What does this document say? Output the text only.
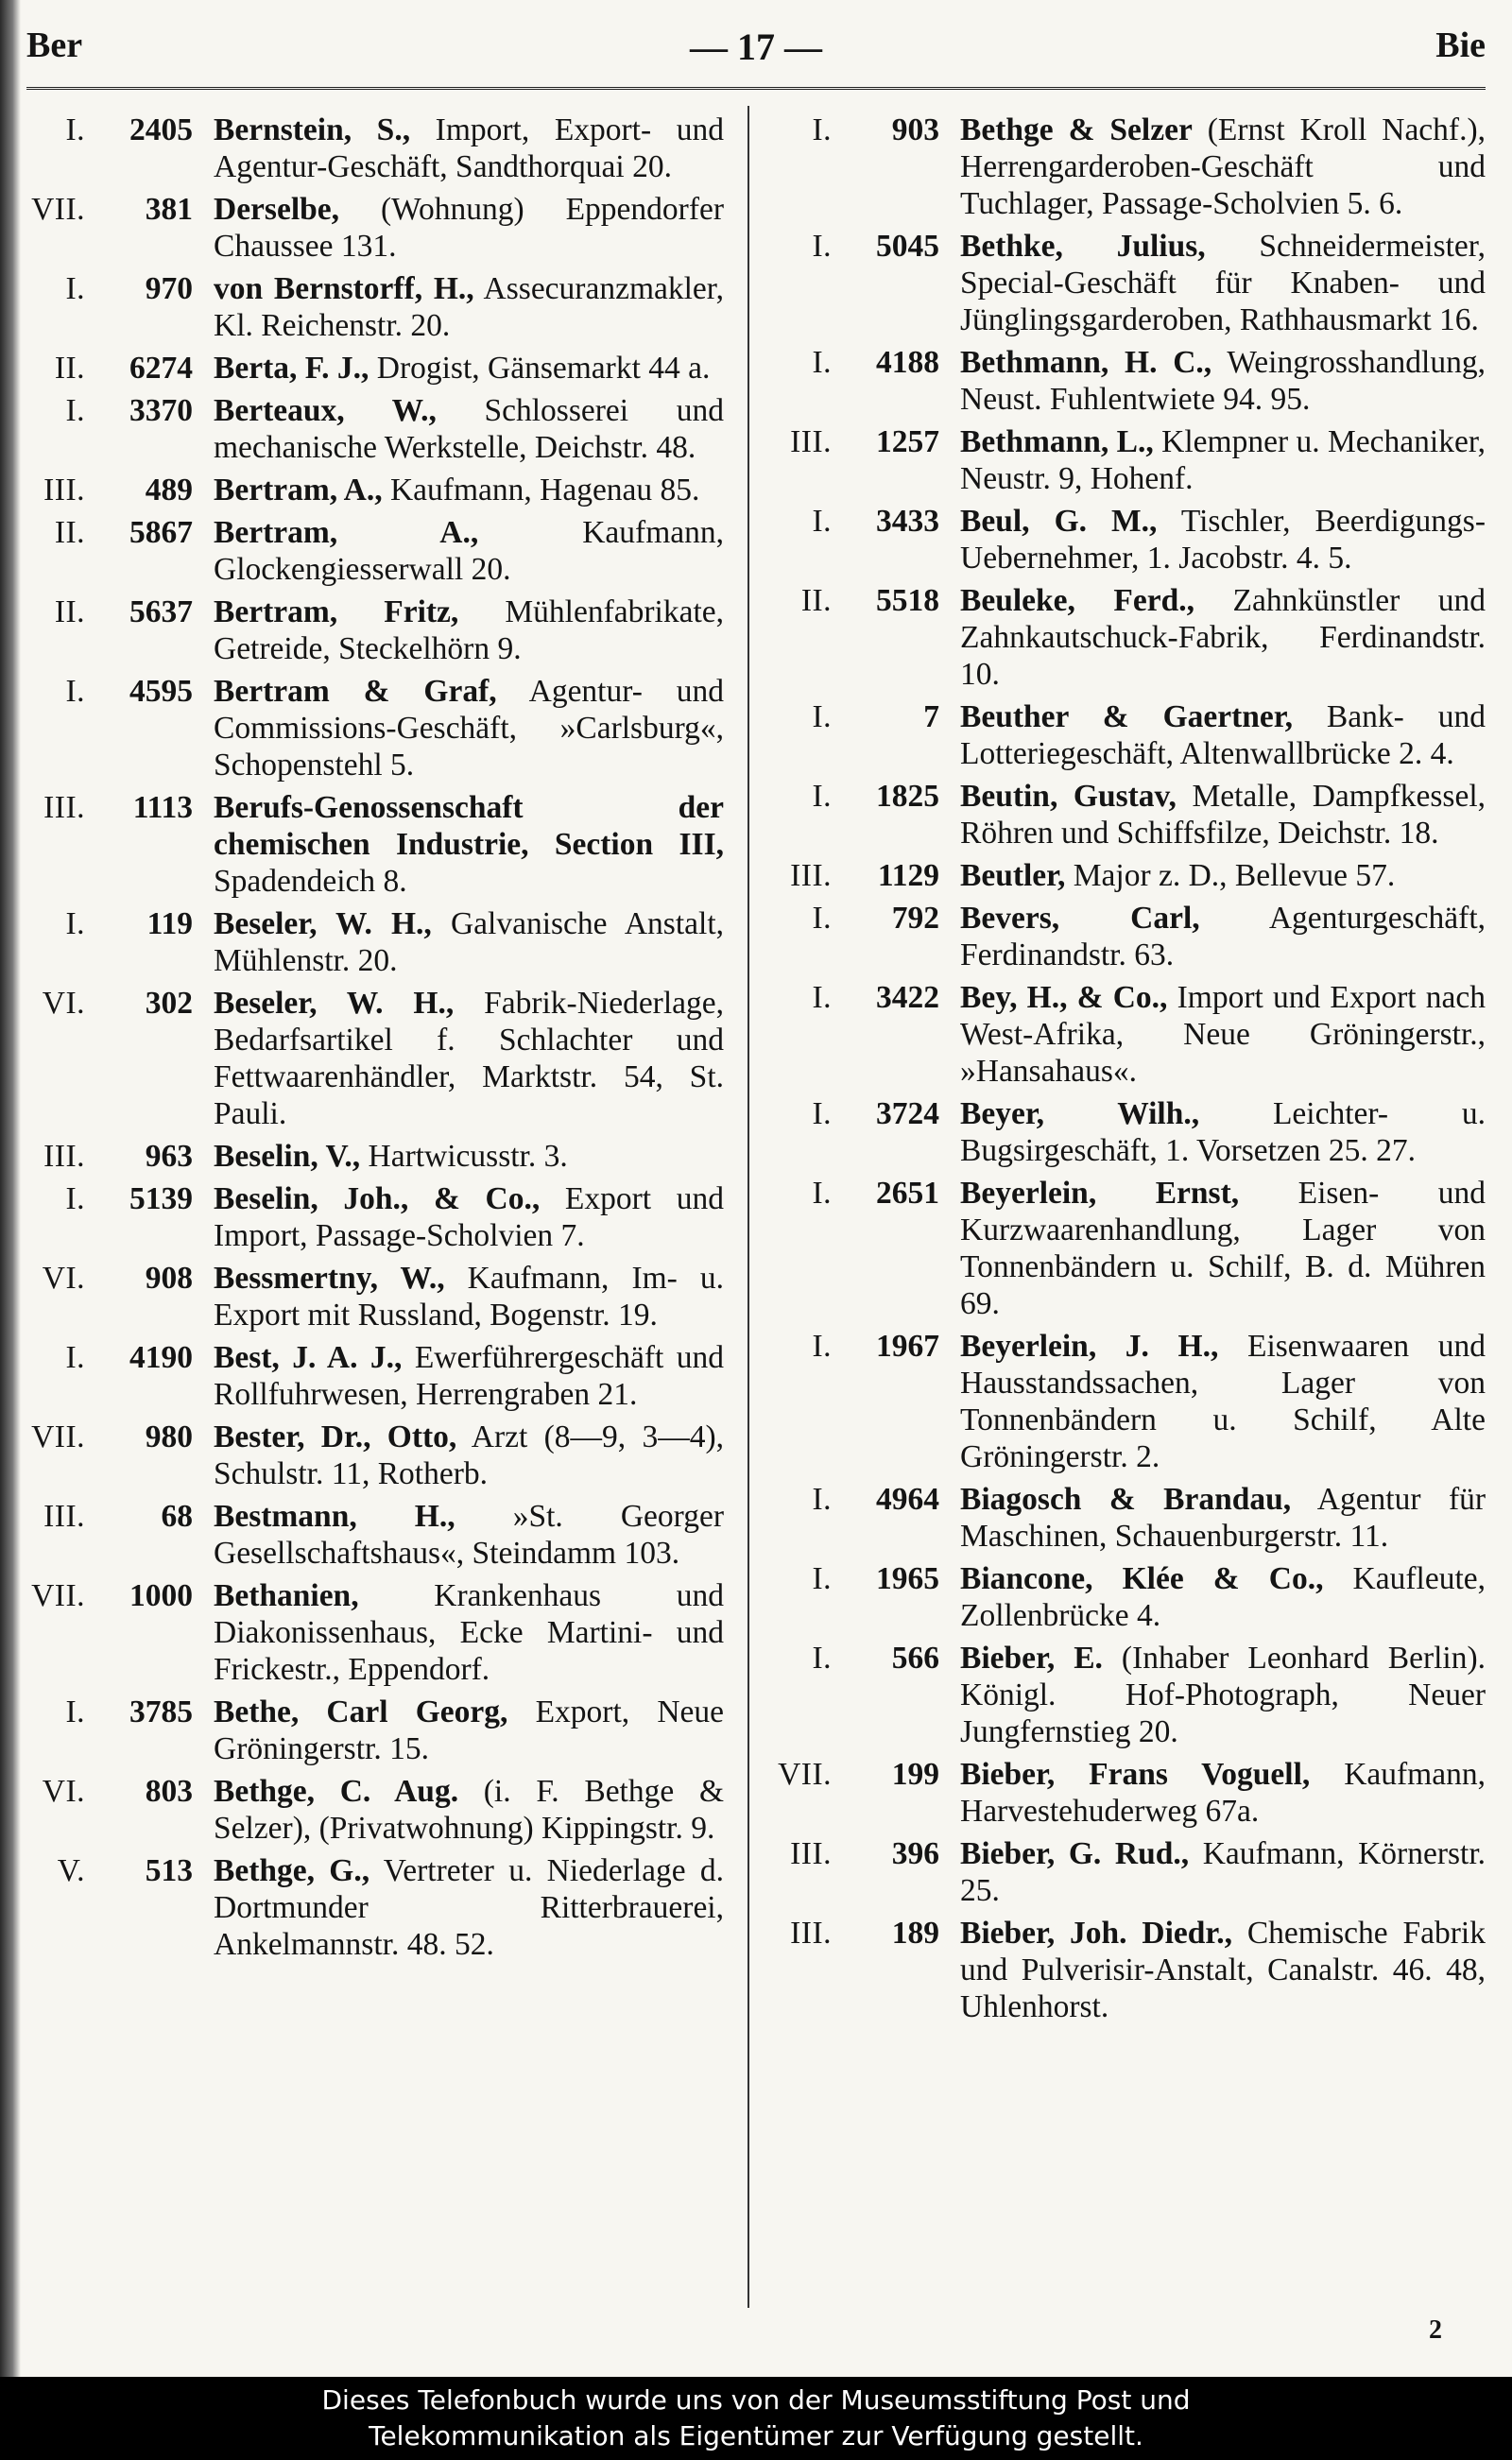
Ber	— 17 —	Bie
I.	2405 Bernstein, S., Import, Export- und Agentur-Geschäft, Sandthorquai 20.
VII.	381 Derselbe, (Wohnung) Eppendorfer Chaussee 131.
I.	970 von Bernstorff, H., Assecuranzmakler, Kl. Reichenstr. 20.
II.	6274 Berta, F. J., Drogist, Gänsemarkt 44 a.
I.	3370 Berteaux, W., Schlosserei und mechanische Werkstelle, Deichstr. 48.
III.	489 Bertram, A., Kaufmann, Hagenau 85.
II.	5867 Bertram, A.,	Kaufmann, Glockengiesserwall 20.
II.	5637 Bertram, Fritz, Mühlenfabrikate, Getreide, Steckelhörn 9.
I.	4595 Bertram & Graf, Agentur- und Commissions-Geschäft, »Carlsburg«, Schopenstehl 5.
III.	1113 Berufs-Genossenschaft der chemischen Industrie, Section III, Spadendeich 8.
I.	119 Beseler, W. H., Galvanische Anstalt, Mühlenstr. 20.
VI.	302 Beseler, W. H., Fabrik-Niederlage, Bedarfsartikel f. Schlachter und Fettwaarenhändler, Marktstr. 54, St. Pauli.
III.	963 Beselin, V., Hartwicusstr. 3.
I.	5139 Beselin, Joh., & Co., Export und Import, Passage-Scholvien 7.
VI.	908 Bessmertny, W., Kaufmann, Im- u. Export mit Russland, Bogenstr. 19.
I.	4190 Best, J. A. J., Ewerführergeschäft und Rollfuhrwesen, Herrengraben 21.
VII.	980 Bester, Dr., Otto, Arzt (8—9, 3—4), Schulstr. 11, Rotherb.
III.	68 Bestmann, H., »St. Georger Gesellschaftshaus«, Steindamm 103.
VII.	1000 Bethanien, Krankenhaus und Diakonissenhaus, Ecke Martini- und Frickestr., Eppendorf.
I.	3785 Bethe, Carl Georg, Export, Neue Gröningerstr. 15.
VI.	803 Bethge, C. Aug. (i. F. Bethge & Selzer), (Privatwohnung) Kippingstr. 9.
V.	513 Bethge, G., Vertreter u. Niederlage d. Dortmunder Ritterbrauerei, Ankelmannstr. 48. 52.
I.	903 Bethge & Selzer (Ernst Kroll Nachf.), Herrengarderoben-Geschäft und Tuchlager, Passage-Scholvien 5. 6.
I.	5045 Bethke, Julius, Schneidermeister, Special-Geschäft für Knaben- und Jünglingsgarderoben, Rathhausmarkt 16.
I.	4188 Bethmann, H. C., Weingrosshandlung, Neust. Fuhlentwiete 94. 95.
III.	1257 Bethmann, L., Klempner u. Mechaniker, Neustr. 9, Hohenf.
I.	3433 Beul, G. M., Tischler, Beerdigungs-Uebernehmer, 1. Jacobstr. 4. 5.
II.	5518 Beuleke, Ferd., Zahnkünstler und Zahnkautschuck-Fabrik, Ferdinandstr. 10.
I.	7 Beuther & Gaertner, Bank- und Lotteriegeschäft, Altenwallbrücke 2. 4.
I.	1825 Beutin, Gustav, Metalle, Dampfkessel, Röhren und Schiffsfilze, Deichstr. 18.
III.	1129 Beutler, Major z. D., Bellevue 57.
I.	792 Bevers, Carl, Agenturgeschäft, Ferdinandstr. 63.
I.	3422 Bey, H., & Co., Import und Export nach West-Afrika, Neue Gröningerstr., »Hansahaus«.
I.	3724 Beyer, Wilh., Leichter- u. Bugsirgeschäft, 1. Vorsetzen 25. 27.
I.	2651 Beyerlein, Ernst, Eisen- und Kurzwaarenhandlung, Lager von Tonnenbändern u. Schilf, B. d. Mühren 69.
I.	1967 Beyerlein, J. H., Eisenwaaren und Hausstandssachen, Lager von Tonnenbändern u. Schilf, Alte Gröningerstr. 2.
I.	4964 Biagosch & Brandau, Agentur für Maschinen, Schauenburgerstr. 11.
I.	1965 Biancone, Klée & Co., Kaufleute, Zollenbrücke 4.
I.	566 Bieber, E. (Inhaber Leonhard Berlin). Königl. Hof-Photograph, Neuer Jungfernstieg 20.
VII.	199 Bieber, Frans Voguell, Kaufmann, Harvestehuderweg 67a.
III.	396 Bieber, G. Rud., Kaufmann, Körnerstr. 25.
III.	189 Bieber, Joh. Diedr., Chemische Fabrik und Pulverisir-Anstalt, Canalstr. 46. 48, Uhlenhorst.
2
Dieses Telefonbuch wurde uns von der Museumsstiftung Post und
Telekommunikation als Eigentümer zur Verfügung gestellt.
